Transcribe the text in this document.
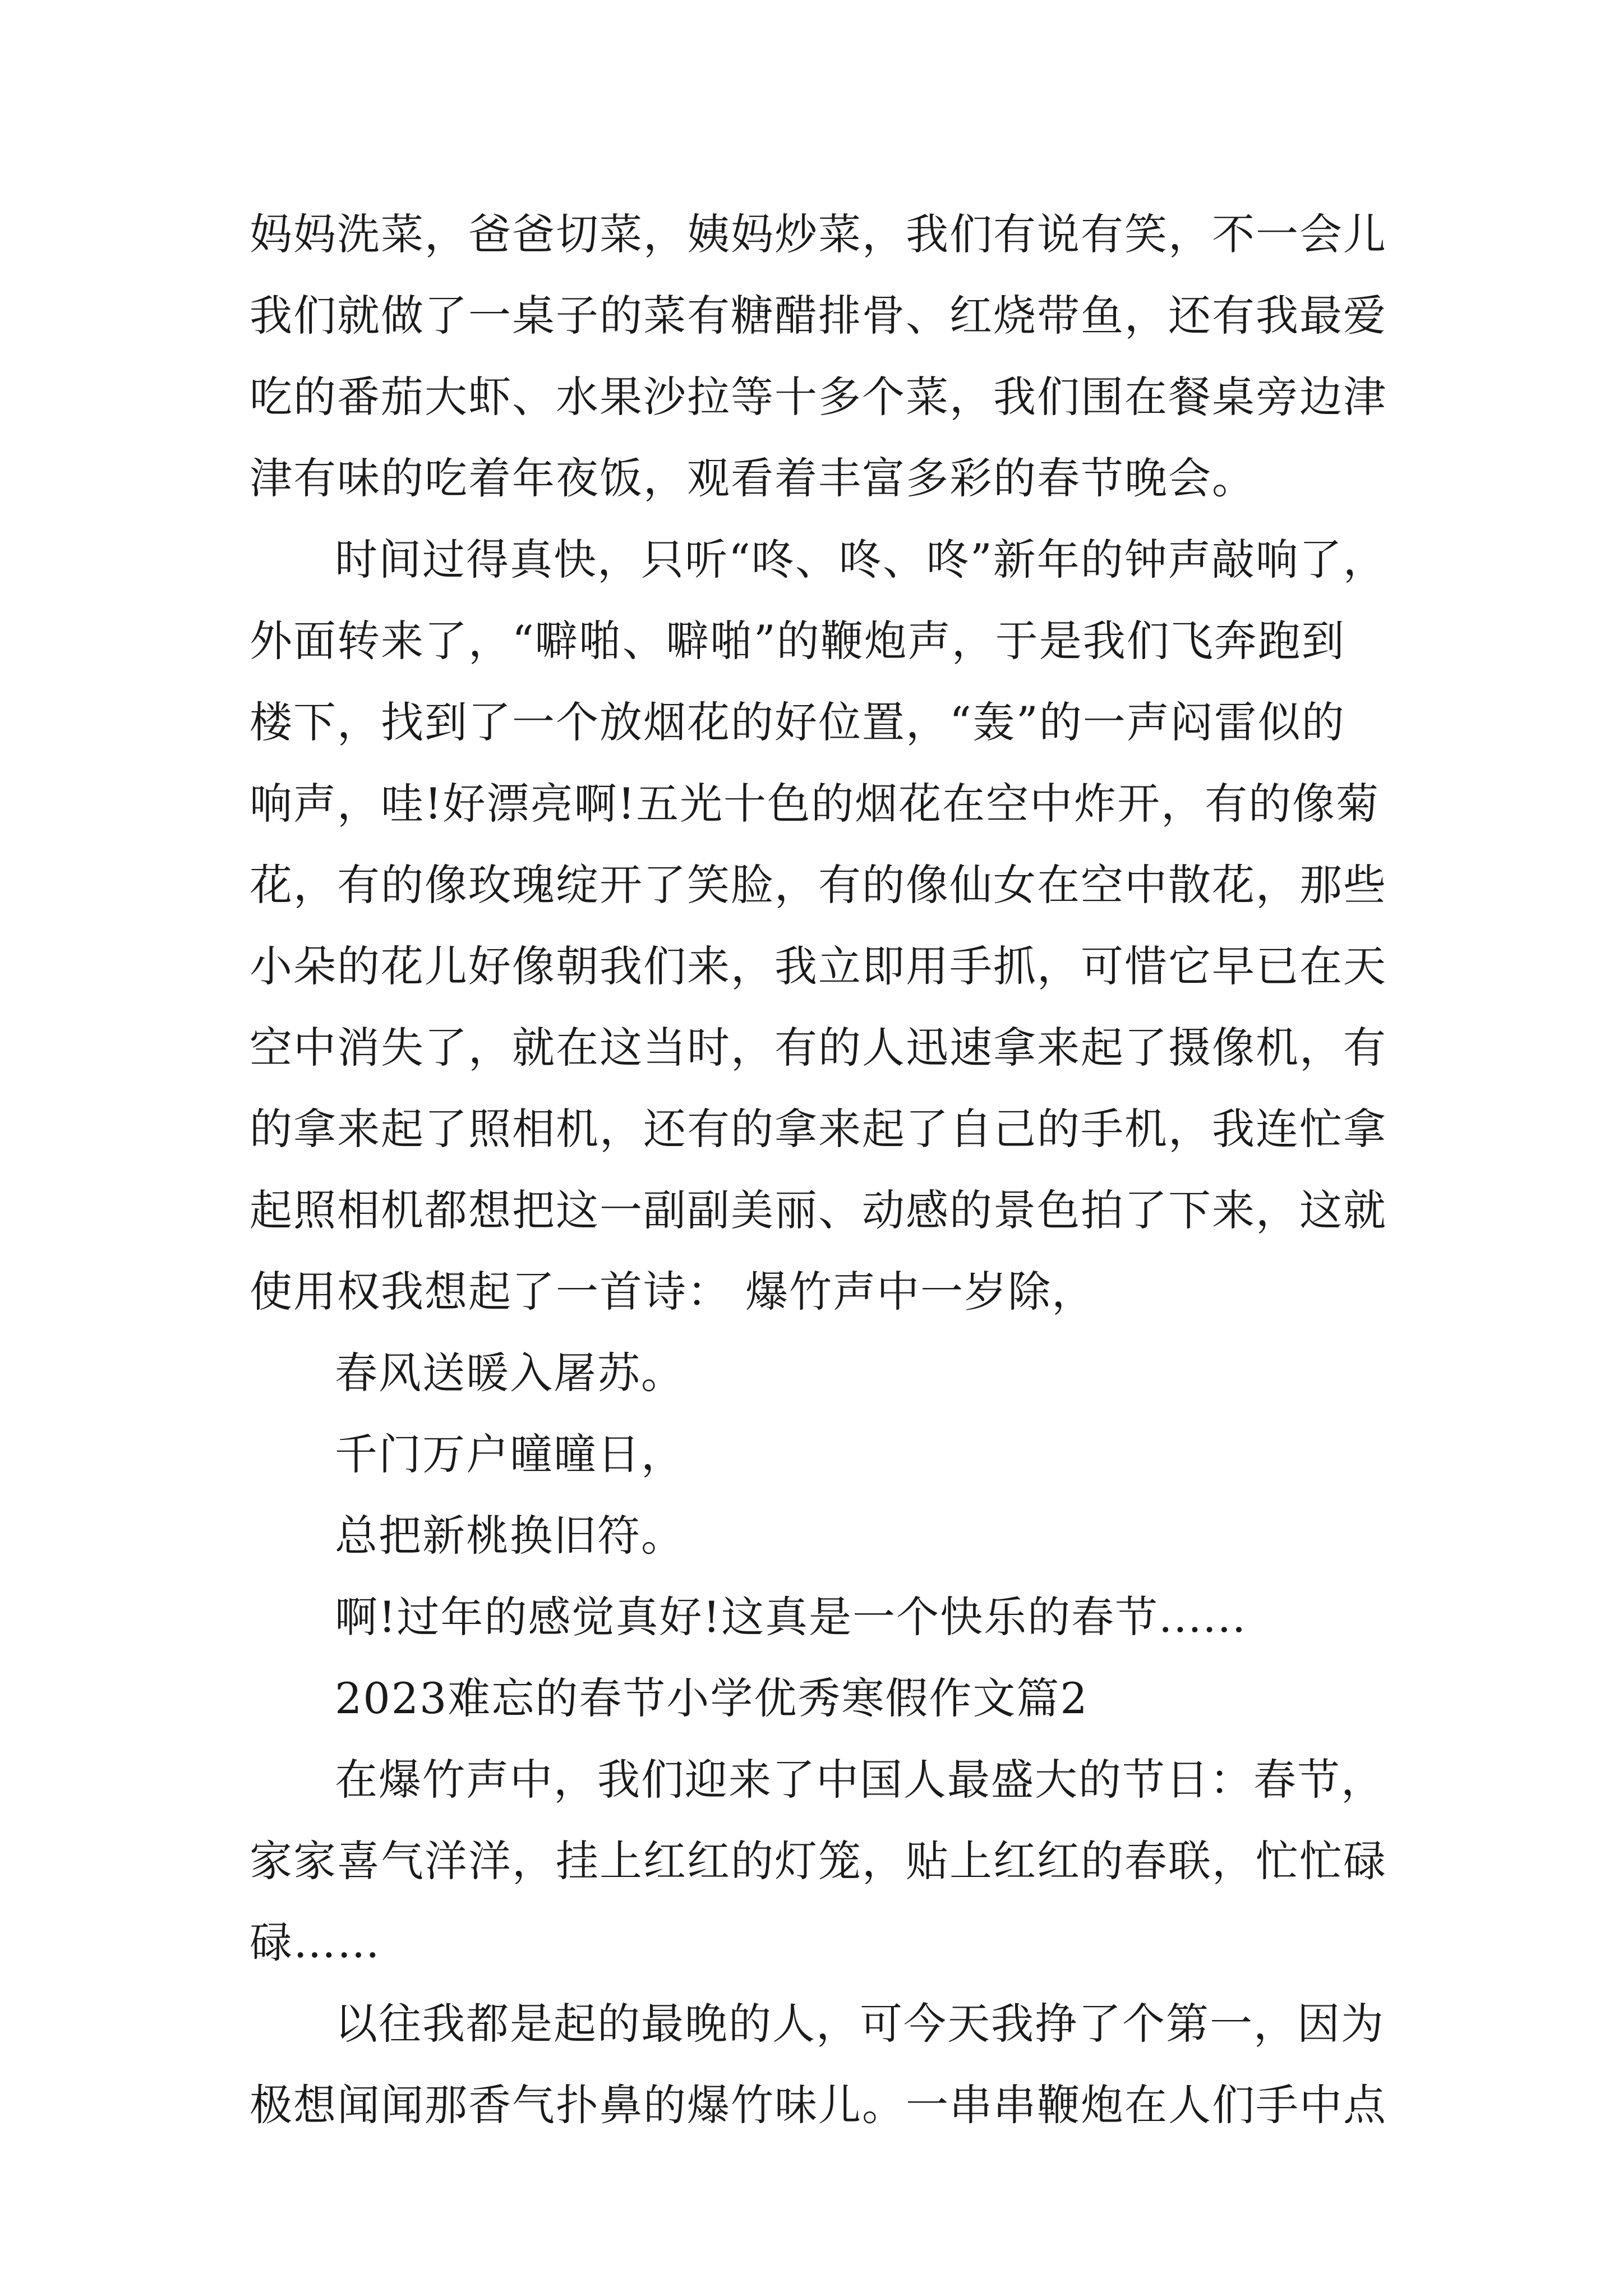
妈妈洗菜，爸爸切菜，姨妈炒菜，我们有说有笑，不一会儿
我们就做了一桌子的菜有糖醋排骨、红烧带鱼，还有我最爱
吃的番茄大虾、水果沙拉等十多个菜，我们围在餐桌旁边津
津有味的吃着年夜饭，观看着丰富多彩的春节晚会。
时间过得真快，只听“咚、咚、咚”新年的钟声敲响了，
外面转来了，“噼啪、噼啪”的鞭炮声，于是我们飞奔跑到
楼下，找到了一个放烟花的好位置，“轰”的一声闷雷似的
响声，哇!好漂亮啊!五光十色的烟花在空中炸开，有的像菊
花，有的像玫瑰绽开了笑脸，有的像仙女在空中散花，那些
小朵的花儿好像朝我们来，我立即用手抓，可惜它早已在天
空中消失了，就在这当时，有的人迅速拿来起了摄像机，有
的拿来起了照相机，还有的拿来起了自己的手机，我连忙拿
起照相机都想把这一副副美丽、动感的景色拍了下来，这就
使用权我想起了一首诗： 爆竹声中一岁除，
春风送暖入屠苏。
千门万户曈曈日，
总把新桃换旧符。
啊!过年的感觉真好!这真是一个快乐的春节......
2023难忘的春节小学优秀寒假作文篇2
在爆竹声中，我们迎来了中国人最盛大的节日：春节，
家家喜气洋洋，挂上红红的灯笼，贴上红红的春联，忙忙碌
碌……
以往我都是起的最晚的人，可今天我挣了个第一，因为
极想闻闻那香气扑鼻的爆竹味儿。一串串鞭炮在人们手中点
